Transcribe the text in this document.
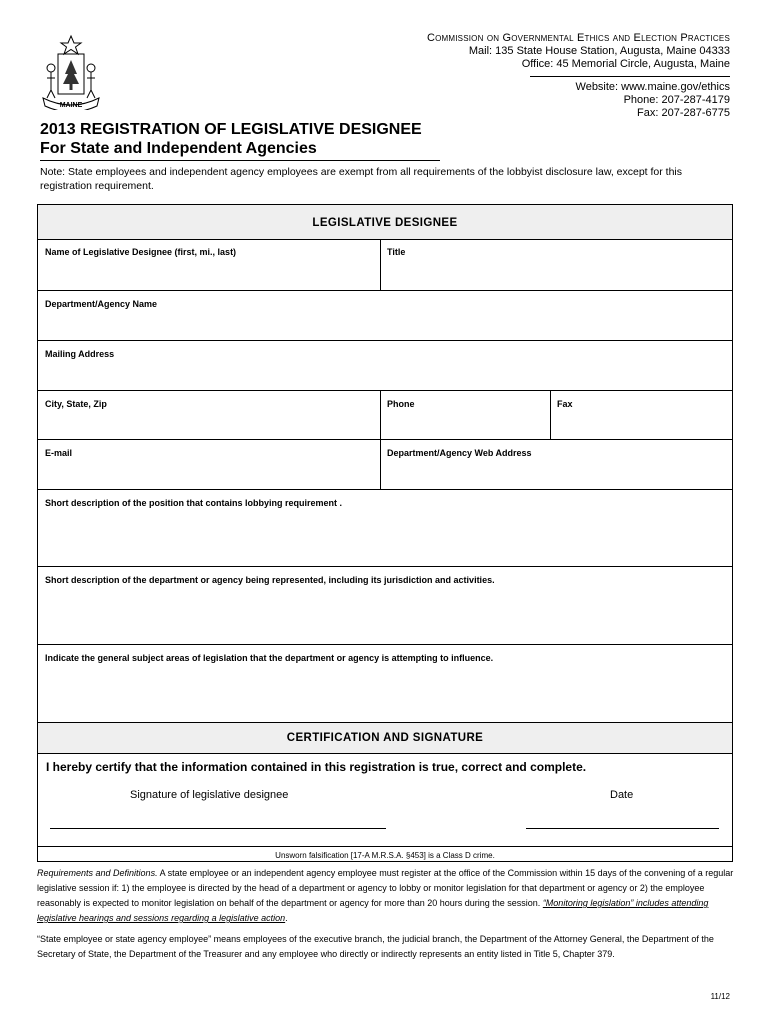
MAINE
Commission on Governmental Ethics and Election Practices
Mail: 135 State House Station, Augusta, Maine 04333
Office: 45 Memorial Circle, Augusta, Maine
Website: www.maine.gov/ethics
Phone: 207-287-4179
Fax: 207-287-6775
2013 REGISTRATION OF LEGISLATIVE DESIGNEE
For State and Independent Agencies
Note: State employees and independent agency employees are exempt from all requirements of the lobbyist disclosure law, except for this registration requirement.
LEGISLATIVE DESIGNEE
Name of Legislative Designee (first, mi., last)	Title
Department/Agency Name
Mailing Address
City, State, Zip	Phone	Fax
E-mail	Department/Agency Web Address
Short description of the position that contains lobbying requirement .
Short description of the department or agency being represented, including its jurisdiction and activities.
Indicate the general subject areas of legislation that the department or agency is attempting to influence.
CERTIFICATION AND SIGNATURE
I hereby certify that the information contained in this registration is true, correct and complete.
Signature of legislative designee	Date
Unsworn falsification [17-A M.R.S.A. §453] is a Class D crime.

Requirements and Definitions. A state employee or an independent agency employee must register at the office of the Commission within 15 days of the convening of a regular legislative session if: 1) the employee is directed by the head of a department or agency to lobby or monitor legislation for that department or agency or 2) the employee reasonably is expected to monitor legislation on behalf of the department or agency for more than 20 hours during the session. “Monitoring legislation” includes attending legislative hearings and sessions regarding a legislative action.

“State employee or state agency employee” means employees of the executive branch, the judicial branch, the Department of the Attorney General, the Department of the Secretary of State, the Department of the Treasurer and any employee who directly or indirectly represents an entity listed in Title 5, Chapter 379.

11/12
